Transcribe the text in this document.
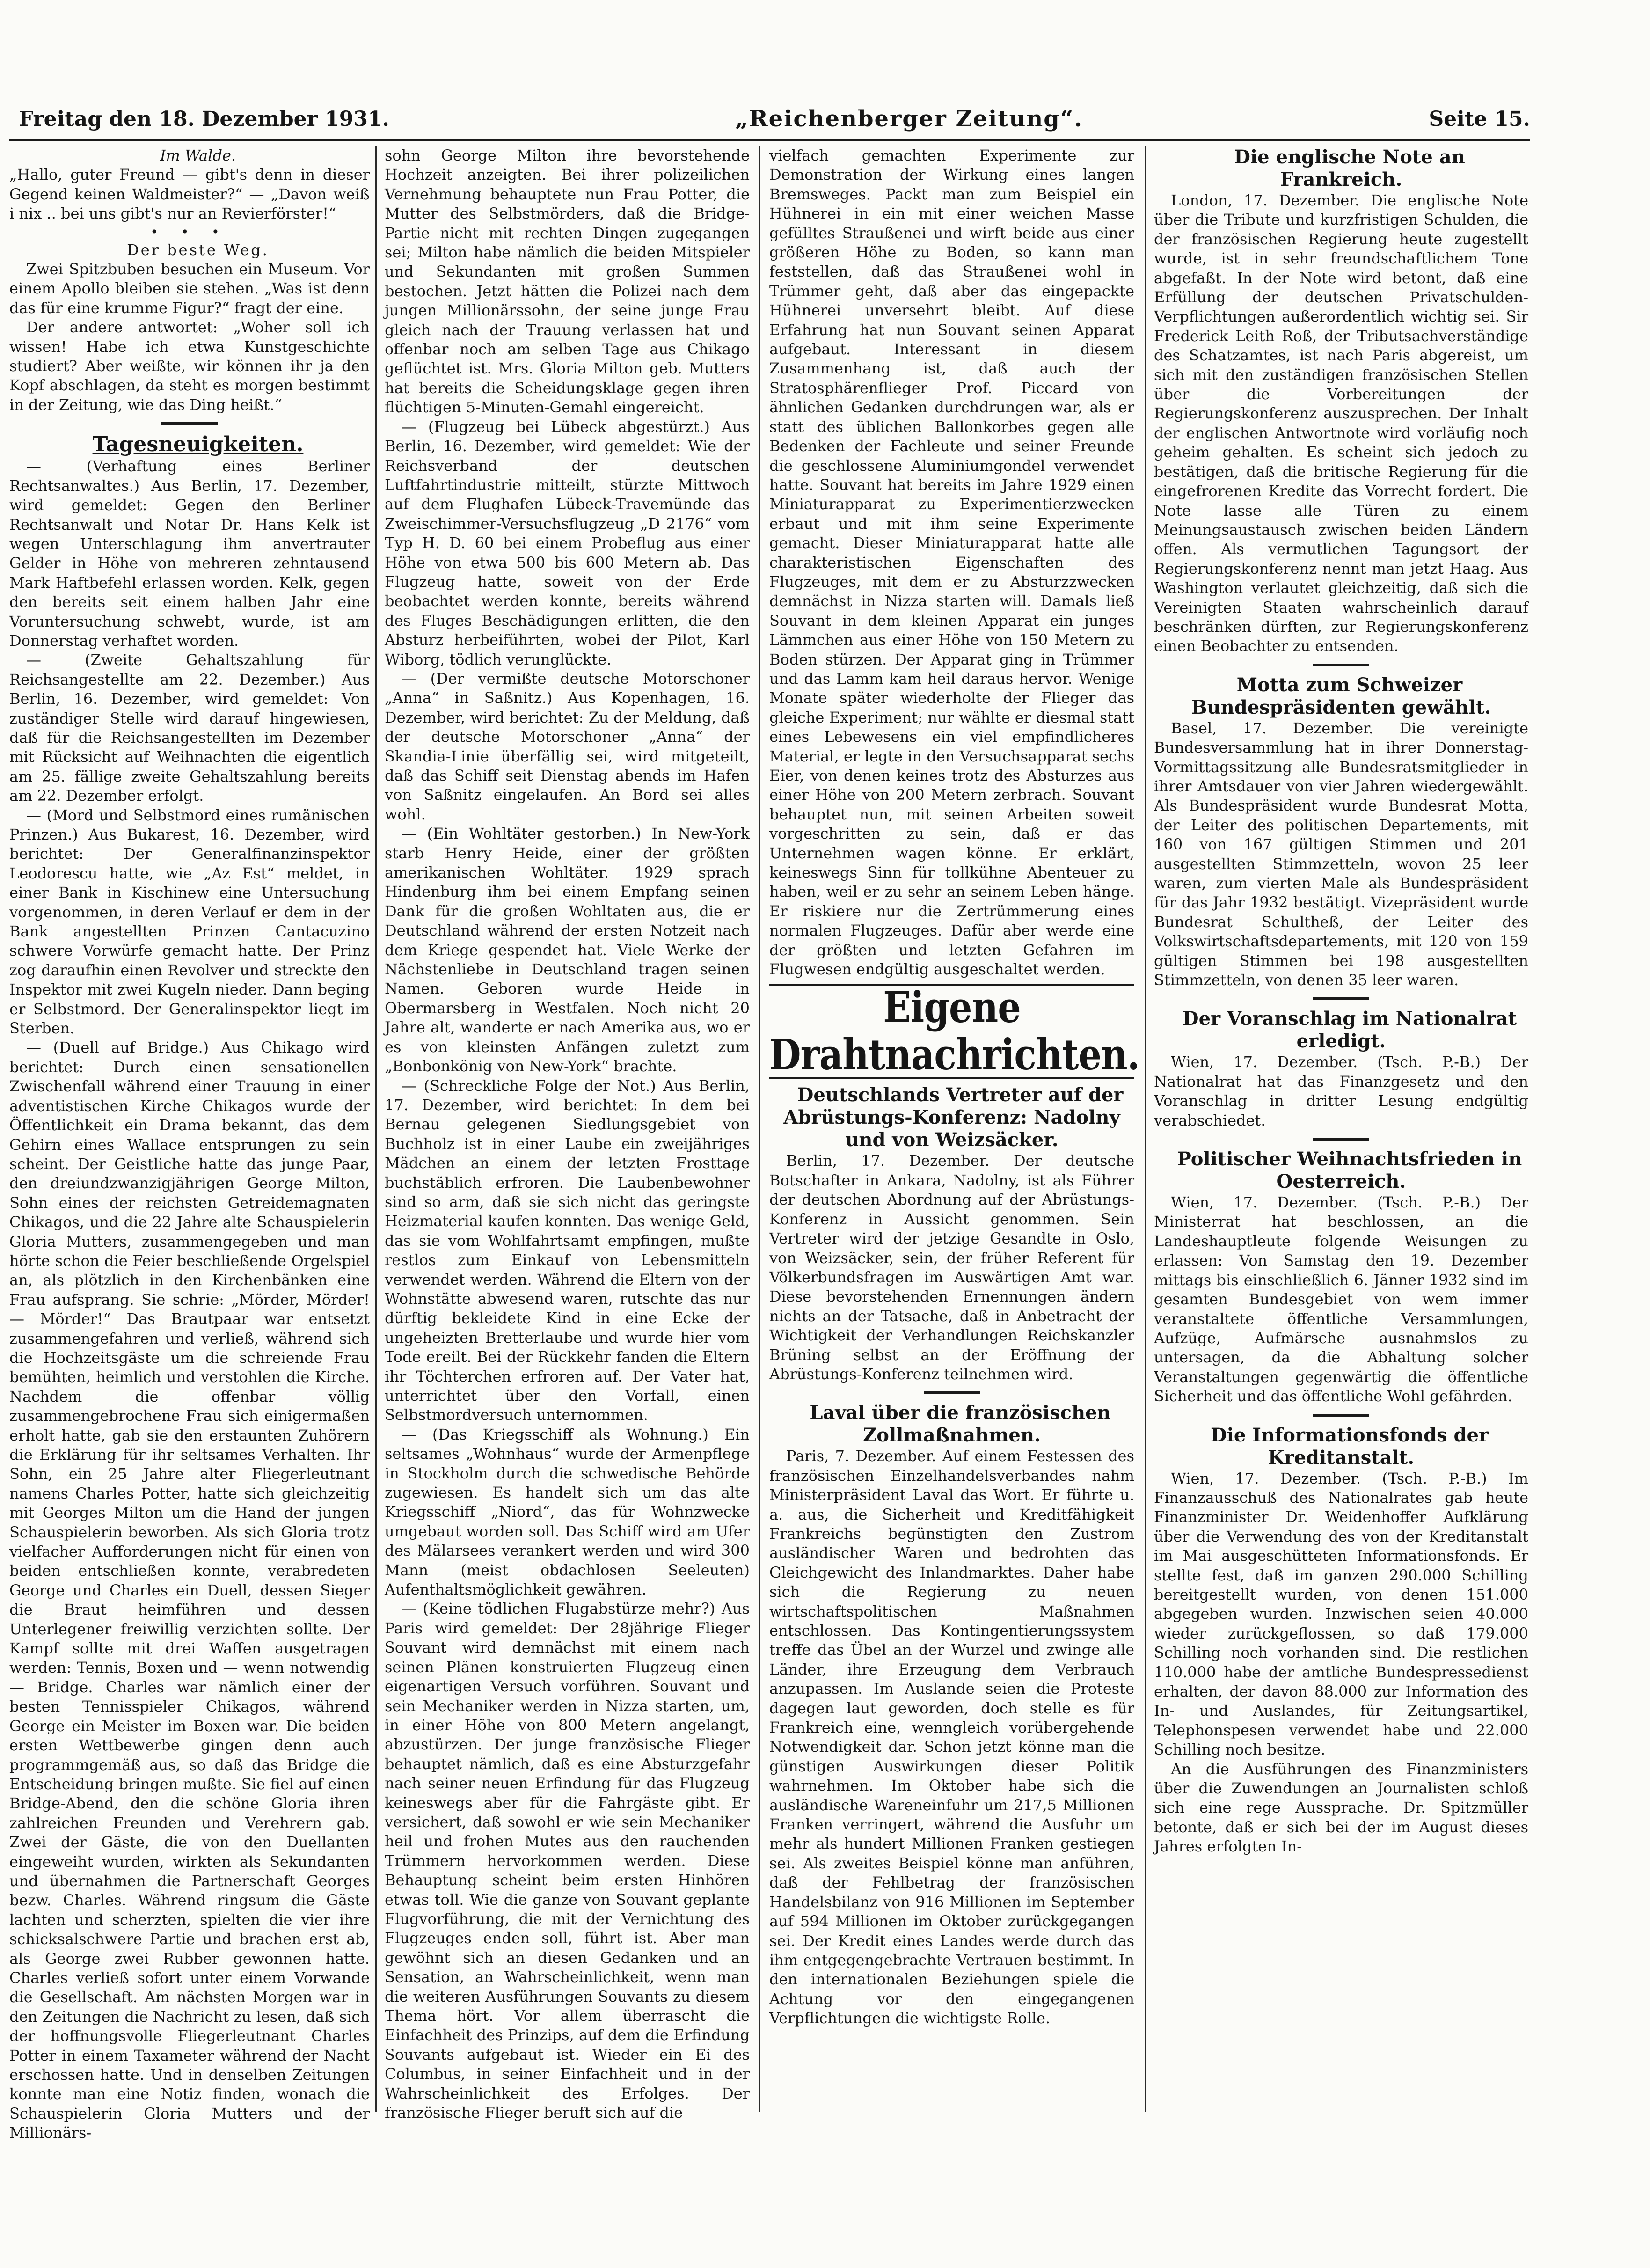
Freitag den 18. Dezember 1931.	„Reichenberger Zeitung“.	Seite 15.

Im Walde.

„Hallo, guter Freund — gibt's denn in dieser Gegend keinen Waldmeister?“ — „Davon weiß i nix .. bei uns gibt's nur an Revierförster!“

• • •

Der beste Weg.

Zwei Spitzbuben besuchen ein Museum. Vor einem Apollo bleiben sie stehen. „Was ist denn das für eine krumme Figur?“ fragt der eine.

Der andere antwortet: „Woher soll ich wissen! Habe ich etwa Kunstgeschichte studiert? Aber weißte, wir können ihr ja den Kopf abschlagen, da steht es morgen bestimmt in der Zeitung, wie das Ding heißt.“

Tagesneuigkeiten.

— (Verhaftung eines Berliner Rechtsanwaltes.) Aus Berlin, 17. Dezember, wird gemeldet: Gegen den Berliner Rechtsanwalt und Notar Dr. Hans Kelk ist wegen Unterschlagung ihm anvertrauter Gelder in Höhe von mehreren zehntausend Mark Haftbefehl erlassen worden. Kelk, gegen den bereits seit einem halben Jahr eine Voruntersuchung schwebt, wurde, ist am Donnerstag verhaftet worden.

— (Zweite Gehaltszahlung für Reichsangestellte am 22. Dezember.) Aus Berlin, 16. Dezember, wird gemeldet: Von zuständiger Stelle wird darauf hingewiesen, daß für die Reichsangestellten im Dezember mit Rücksicht auf Weihnachten die eigentlich am 25. fällige zweite Gehaltszahlung bereits am 22. Dezember erfolgt.

— (Mord und Selbstmord eines rumänischen Prinzen.) Aus Bukarest, 16. Dezember, wird berichtet: Der Generalfinanzinspektor Leodorescu hatte, wie „Az Est“ meldet, in einer Bank in Kischinew eine Untersuchung vorgenommen, in deren Verlauf er dem in der Bank angestellten Prinzen Cantacuzino schwere Vorwürfe gemacht hatte. Der Prinz zog daraufhin einen Revolver und streckte den Inspektor mit zwei Kugeln nieder. Dann beging er Selbstmord. Der Generalinspektor liegt im Sterben.

— (Duell auf Bridge.) Aus Chikago wird berichtet: Durch einen sensationellen Zwischenfall während einer Trauung in einer adventistischen Kirche Chikagos wurde der Öffentlichkeit ein Drama bekannt, das dem Gehirn eines Wallace entsprungen zu sein scheint. Der Geistliche hatte das junge Paar, den dreiundzwanzigjährigen George Milton, Sohn eines der reichsten Getreidemagnaten Chikagos, und die 22 Jahre alte Schauspielerin Gloria Mutters, zusammengegeben und man hörte schon die Feier beschließende Orgelspiel an, als plötzlich in den Kirchenbänken eine Frau aufsprang. Sie schrie: „Mörder, Mörder! — Mörder!“ Das Brautpaar war entsetzt zusammengefahren und verließ, während sich die Hochzeitsgäste um die schreiende Frau bemühten, heimlich und verstohlen die Kirche. Nachdem die offenbar völlig zusammengebrochene Frau sich einigermaßen erholt hatte, gab sie den erstaunten Zuhörern die Erklärung für ihr seltsames Verhalten. Ihr Sohn, ein 25 Jahre alter Fliegerleutnant namens Charles Potter, hatte sich gleichzeitig mit Georges Milton um die Hand der jungen Schauspielerin beworben. Als sich Gloria trotz vielfacher Aufforderungen nicht für einen von beiden entschließen konnte, verabredeten George und Charles ein Duell, dessen Sieger die Braut heimführen und dessen Unterlegener freiwillig verzichten sollte. Der Kampf sollte mit drei Waffen ausgetragen werden: Tennis, Boxen und — wenn notwendig — Bridge. Charles war nämlich einer der besten Tennisspieler Chikagos, während George ein Meister im Boxen war. Die beiden ersten Wettbewerbe gingen denn auch programmgemäß aus, so daß das Bridge die Entscheidung bringen mußte. Sie fiel auf einen Bridge-Abend, den die schöne Gloria ihren zahlreichen Freunden und Verehrern gab. Zwei der Gäste, die von den Duellanten eingeweiht wurden, wirkten als Sekundanten und übernahmen die Partnerschaft Georges bezw. Charles. Während ringsum die Gäste lachten und scherzten, spielten die vier ihre schicksalschwere Partie und brachen erst ab, als George zwei Rubber gewonnen hatte. Charles verließ sofort unter einem Vorwande die Gesellschaft. Am nächsten Morgen war in den Zeitungen die Nachricht zu lesen, daß sich der hoffnungsvolle Fliegerleutnant Charles Potter in einem Taxameter während der Nacht erschossen hatte. Und in denselben Zeitungen konnte man eine Notiz finden, wonach die Schauspielerin Gloria Mutters und der Millionärs-

sohn George Milton ihre bevorstehende Hochzeit anzeigten. Bei ihrer polizeilichen Vernehmung behauptete nun Frau Potter, die Mutter des Selbstmörders, daß die Bridge-Partie nicht mit rechten Dingen zugegangen sei; Milton habe nämlich die beiden Mitspieler und Sekundanten mit großen Summen bestochen. Jetzt hätten die Polizei nach dem jungen Millionärssohn, der seine junge Frau gleich nach der Trauung verlassen hat und offenbar noch am selben Tage aus Chikago geflüchtet ist. Mrs. Gloria Milton geb. Mutters hat bereits die Scheidungsklage gegen ihren flüchtigen 5-Minuten-Gemahl eingereicht.

— (Flugzeug bei Lübeck abgestürzt.) Aus Berlin, 16. Dezember, wird gemeldet: Wie der Reichsverband der deutschen Luftfahrtindustrie mitteilt, stürzte Mittwoch auf dem Flughafen Lübeck-Travemünde das Zweischimmer-Versuchsflugzeug „D 2176“ vom Typ H. D. 60 bei einem Probeflug aus einer Höhe von etwa 500 bis 600 Metern ab. Das Flugzeug hatte, soweit von der Erde beobachtet werden konnte, bereits während des Fluges Beschädigungen erlitten, die den Absturz herbeiführten, wobei der Pilot, Karl Wiborg, tödlich verunglückte.

— (Der vermißte deutsche Motorschoner „Anna“ in Saßnitz.) Aus Kopenhagen, 16. Dezember, wird berichtet: Zu der Meldung, daß der deutsche Motorschoner „Anna“ der Skandia-Linie überfällig sei, wird mitgeteilt, daß das Schiff seit Dienstag abends im Hafen von Saßnitz eingelaufen. An Bord sei alles wohl.

— (Ein Wohltäter gestorben.) In New-York starb Henry Heide, einer der größten amerikanischen Wohltäter. 1929 sprach Hindenburg ihm bei einem Empfang seinen Dank für die großen Wohltaten aus, die er Deutschland während der ersten Notzeit nach dem Kriege gespendet hat. Viele Werke der Nächstenliebe in Deutschland tragen seinen Namen. Geboren wurde Heide in Obermarsberg in Westfalen. Noch nicht 20 Jahre alt, wanderte er nach Amerika aus, wo er es von kleinsten Anfängen zuletzt zum „Bonbonkönig von New-York“ brachte.

— (Schreckliche Folge der Not.) Aus Berlin, 17. Dezember, wird berichtet: In dem bei Bernau gelegenen Siedlungsgebiet von Buchholz ist in einer Laube ein zweijähriges Mädchen an einem der letzten Frosttage buchstäblich erfroren. Die Laubenbewohner sind so arm, daß sie sich nicht das geringste Heizmaterial kaufen konnten. Das wenige Geld, das sie vom Wohlfahrtsamt empfingen, mußte restlos zum Einkauf von Lebensmitteln verwendet werden. Während die Eltern von der Wohnstätte abwesend waren, rutschte das nur dürftig bekleidete Kind in eine Ecke der ungeheizten Bretterlaube und wurde hier vom Tode ereilt. Bei der Rückkehr fanden die Eltern ihr Töchterchen erfroren auf. Der Vater hat, unterrichtet über den Vorfall, einen Selbstmordversuch unternommen.

— (Das Kriegsschiff als Wohnung.) Ein seltsames „Wohnhaus“ wurde der Armenpflege in Stockholm durch die schwedische Behörde zugewiesen. Es handelt sich um das alte Kriegsschiff „Niord“, das für Wohnzwecke umgebaut worden soll. Das Schiff wird am Ufer des Mälarsees verankert werden und wird 300 Mann (meist obdachlosen Seeleuten) Aufenthaltsmöglichkeit gewähren.

— (Keine tödlichen Flugabstürze mehr?) Aus Paris wird gemeldet: Der 28jährige Flieger Souvant wird demnächst mit einem nach seinen Plänen konstruierten Flugzeug einen eigenartigen Versuch vorführen. Souvant und sein Mechaniker werden in Nizza starten, um, in einer Höhe von 800 Metern angelangt, abzustürzen. Der junge französische Flieger behauptet nämlich, daß es eine Absturzgefahr nach seiner neuen Erfindung für das Flugzeug keineswegs aber für die Fahrgäste gibt. Er versichert, daß sowohl er wie sein Mechaniker heil und frohen Mutes aus den rauchenden Trümmern hervorkommen werden. Diese Behauptung scheint beim ersten Hinhören etwas toll. Wie die ganze von Souvant geplante Flugvorführung, die mit der Vernichtung des Flugzeuges enden soll, führt ist. Aber man gewöhnt sich an diesen Gedanken und an Sensation, an Wahrscheinlichkeit, wenn man die weiteren Ausführungen Souvants zu diesem Thema hört. Vor allem überrascht die Einfachheit des Prinzips, auf dem die Erfindung Souvants aufgebaut ist. Wieder ein Ei des Columbus, in seiner Einfachheit und in der Wahrscheinlichkeit des Erfolges. Der französische Flieger beruft sich auf die

vielfach gemachten Experimente zur Demonstration der Wirkung eines langen Bremsweges. Packt man zum Beispiel ein Hühnerei in ein mit einer weichen Masse gefülltes Straußenei und wirft beide aus einer größeren Höhe zu Boden, so kann man feststellen, daß das Straußenei wohl in Trümmer geht, daß aber das eingepackte Hühnerei unversehrt bleibt. Auf diese Erfahrung hat nun Souvant seinen Apparat aufgebaut. Interessant in diesem Zusammenhang ist, daß auch der Stratosphärenflieger Prof. Piccard von ähnlichen Gedanken durchdrungen war, als er statt des üblichen Ballonkorbes gegen alle Bedenken der Fachleute und seiner Freunde die geschlossene Aluminiumgondel verwendet hatte. Souvant hat bereits im Jahre 1929 einen Miniaturapparat zu Experimentierzwecken erbaut und mit ihm seine Experimente gemacht. Dieser Miniaturapparat hatte alle charakteristischen Eigenschaften des Flugzeuges, mit dem er zu Absturzzwecken demnächst in Nizza starten will. Damals ließ Souvant in dem kleinen Apparat ein junges Lämmchen aus einer Höhe von 150 Metern zu Boden stürzen. Der Apparat ging in Trümmer und das Lamm kam heil daraus hervor. Wenige Monate später wiederholte der Flieger das gleiche Experiment; nur wählte er diesmal statt eines Lebewesens ein viel empfindlicheres Material, er legte in den Versuchsapparat sechs Eier, von denen keines trotz des Absturzes aus einer Höhe von 200 Metern zerbrach. Souvant behauptet nun, mit seinen Arbeiten soweit vorgeschritten zu sein, daß er das Unternehmen wagen könne. Er erklärt, keineswegs Sinn für tollkühne Abenteuer zu haben, weil er zu sehr an seinem Leben hänge. Er riskiere nur die Zertrümmerung eines normalen Flugzeuges. Dafür aber werde eine der größten und letzten Gefahren im Flugwesen endgültig ausgeschaltet werden.

Eigene Drahtnachrichten.

Deutschlands Vertreter auf der Abrüstungs-Konferenz: Nadolny und von Weizsäcker.

Berlin, 17. Dezember. Der deutsche Botschafter in Ankara, Nadolny, ist als Führer der deutschen Abordnung auf der Abrüstungs-Konferenz in Aussicht genommen. Sein Vertreter wird der jetzige Gesandte in Oslo, von Weizsäcker, sein, der früher Referent für Völkerbundsfragen im Auswärtigen Amt war. Diese bevorstehenden Ernennungen ändern nichts an der Tatsache, daß in Anbetracht der Wichtigkeit der Verhandlungen Reichskanzler Brüning selbst an der Eröffnung der Abrüstungs-Konferenz teilnehmen wird.

Laval über die französischen Zollmaßnahmen.

Paris, 7. Dezember. Auf einem Festessen des französischen Einzelhandelsverbandes nahm Ministerpräsident Laval das Wort. Er führte u. a. aus, die Sicherheit und Kreditfähigkeit Frankreichs begünstigten den Zustrom ausländischer Waren und bedrohten das Gleichgewicht des Inlandmarktes. Daher habe sich die Regierung zu neuen wirtschaftspolitischen Maßnahmen entschlossen. Das Kontingentierungssystem treffe das Übel an der Wurzel und zwinge alle Länder, ihre Erzeugung dem Verbrauch anzupassen. Im Auslande seien die Proteste dagegen laut geworden, doch stelle es für Frankreich eine, wennglеich vorübergehende Notwendigkeit dar. Schon jetzt könne man die günstigen Auswirkungen dieser Politik wahrnehmen. Im Oktober habe sich die ausländische Wareneinfuhr um 217,5 Millionen Franken verringert, während die Ausfuhr um mehr als hundert Millionen Franken gestiegen sei. Als zweites Beispiel könne man anführen, daß der Fehlbetrag der französischen Handelsbilanz von 916 Millionen im September auf 594 Millionen im Oktober zurückgegangen sei. Der Kredit eines Landes werde durch das ihm entgegengebrachte Vertrauen bestimmt. In den internationalen Beziehungen spiele die Achtung vor den eingegangenen Verpflichtungen die wichtigste Rolle.

Die englische Note an Frankreich.

London, 17. Dezember. Die englische Note über die Tribute und kurzfristigen Schulden, die der französischen Regierung heute zugestellt wurde, ist in sehr freundschaftlichem Tone abgefaßt. In der Note wird betont, daß eine Erfüllung der deutschen Privatschulden-Verpflichtungen außerordentlich wichtig sei. Sir Frederick Leith Roß, der Tributsachverständige des Schatzamtes, ist nach Paris abgereist, um sich mit den zuständigen französischen Stellen über die Vorbereitungen der Regierungskonferenz auszusprechen. Der Inhalt der englischen Antwortnote wird vorläufig noch geheim gehalten. Es scheint sich jedoch zu bestätigen, daß die britische Regierung für die eingefrorenen Kredite das Vorrecht fordert. Die Note lasse alle Türen zu einem Meinungsaustausch zwischen beiden Ländern offen. Als vermutlichen Tagungsort der Regierungskonferenz nennt man jetzt Haag. Aus Washington verlautet gleichzeitig, daß sich die Vereinigten Staaten wahrscheinlich darauf beschränken dürften, zur Regierungskonferenz einen Beobachter zu entsenden.

Motta zum Schweizer Bundespräsidenten gewählt.

Basel, 17. Dezember. Die vereinigte Bundesversammlung hat in ihrer Donnerstag-Vormittagssitzung alle Bundesratsmitglieder in ihrer Amtsdauer von vier Jahren wiedergewählt. Als Bundespräsident wurde Bundesrat Motta, der Leiter des politischen Departements, mit 160 von 167 gültigen Stimmen und 201 ausgestellten Stimmzetteln, wovon 25 leer waren, zum vierten Male als Bundespräsident für das Jahr 1932 bestätigt. Vizepräsident wurde Bundesrat Schultheß, der Leiter des Volkswirtschaftsdepartements, mit 120 von 159 gültigen Stimmen bei 198 ausgestellten Stimmzetteln, von denen 35 leer waren.

Der Voranschlag im Nationalrat erledigt.

Wien, 17. Dezember. (Tsch. P.-B.) Der Nationalrat hat das Finanzgesetz und den Voranschlag in dritter Lesung endgültig verabschiedet.

Politischer Weihnachtsfrieden in Oesterreich.

Wien, 17. Dezember. (Tsch. P.-B.) Der Ministerrat hat beschlossen, an die Landeshauptleute folgende Weisungen zu erlassen: Von Samstag den 19. Dezember mittags bis einschließlich 6. Jänner 1932 sind im gesamten Bundesgebiet von wem immer veranstaltete öffentliche Versammlungen, Aufzüge, Aufmärsche ausnahmslos zu untersagen, da die Abhaltung solcher Veranstaltungen gegenwärtig die öffentliche Sicherheit und das öffentliche Wohl gefährden.

Die Informationsfonds der Kreditanstalt.

Wien, 17. Dezember. (Tsch. P.-B.) Im Finanzausschuß des Nationalrates gab heute Finanzminister Dr. Weidenhoffer Aufklärung über die Verwendung des von der Kreditanstalt im Mai ausgeschütteten Informationsfonds. Er stellte fest, daß im ganzen 290.000 Schilling bereitgestellt wurden, von denen 151.000 abgegeben wurden. Inzwischen seien 40.000 wieder zurückgeflossen, so daß 179.000 Schilling noch vorhanden sind. Die restlichen 110.000 habe der amtliche Bundespressedienst erhalten, der davon 88.000 zur Information des In- und Auslandes, für Zeitungsartikel, Telephonspesen verwendet habe und 22.000 Schilling noch besitze.

An die Ausführungen des Finanzministers über die Zuwendungen an Journalisten schloß sich eine rege Aussprache. Dr. Spitzmüller betonte, daß er sich bei der im August dieses Jahres erfolgten In-
